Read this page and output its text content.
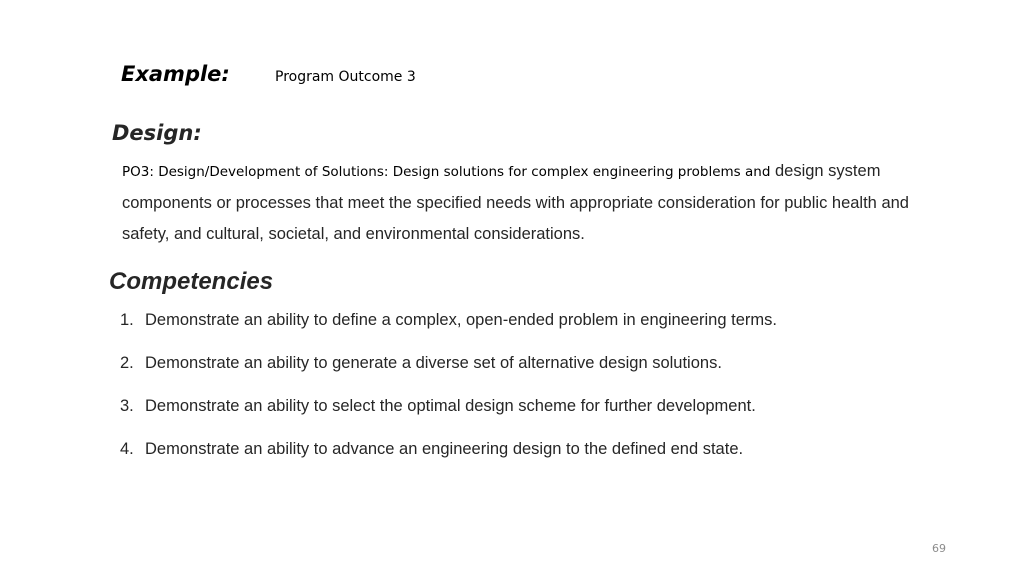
Example:	Program Outcome 3
Design:
PO3: Design/Development of Solutions: Design solutions for complex engineering problems and design system components or processes that meet the specified needs with appropriate consideration for public health and safety, and cultural, societal, and environmental considerations.
Competencies
1. Demonstrate an ability to define a complex, open-ended problem in engineering terms.
2. Demonstrate an ability to generate a diverse set of alternative design solutions.
3. Demonstrate an ability to select the optimal design scheme for further development.
4. Demonstrate an ability to advance an engineering design to the defined end state.
69
